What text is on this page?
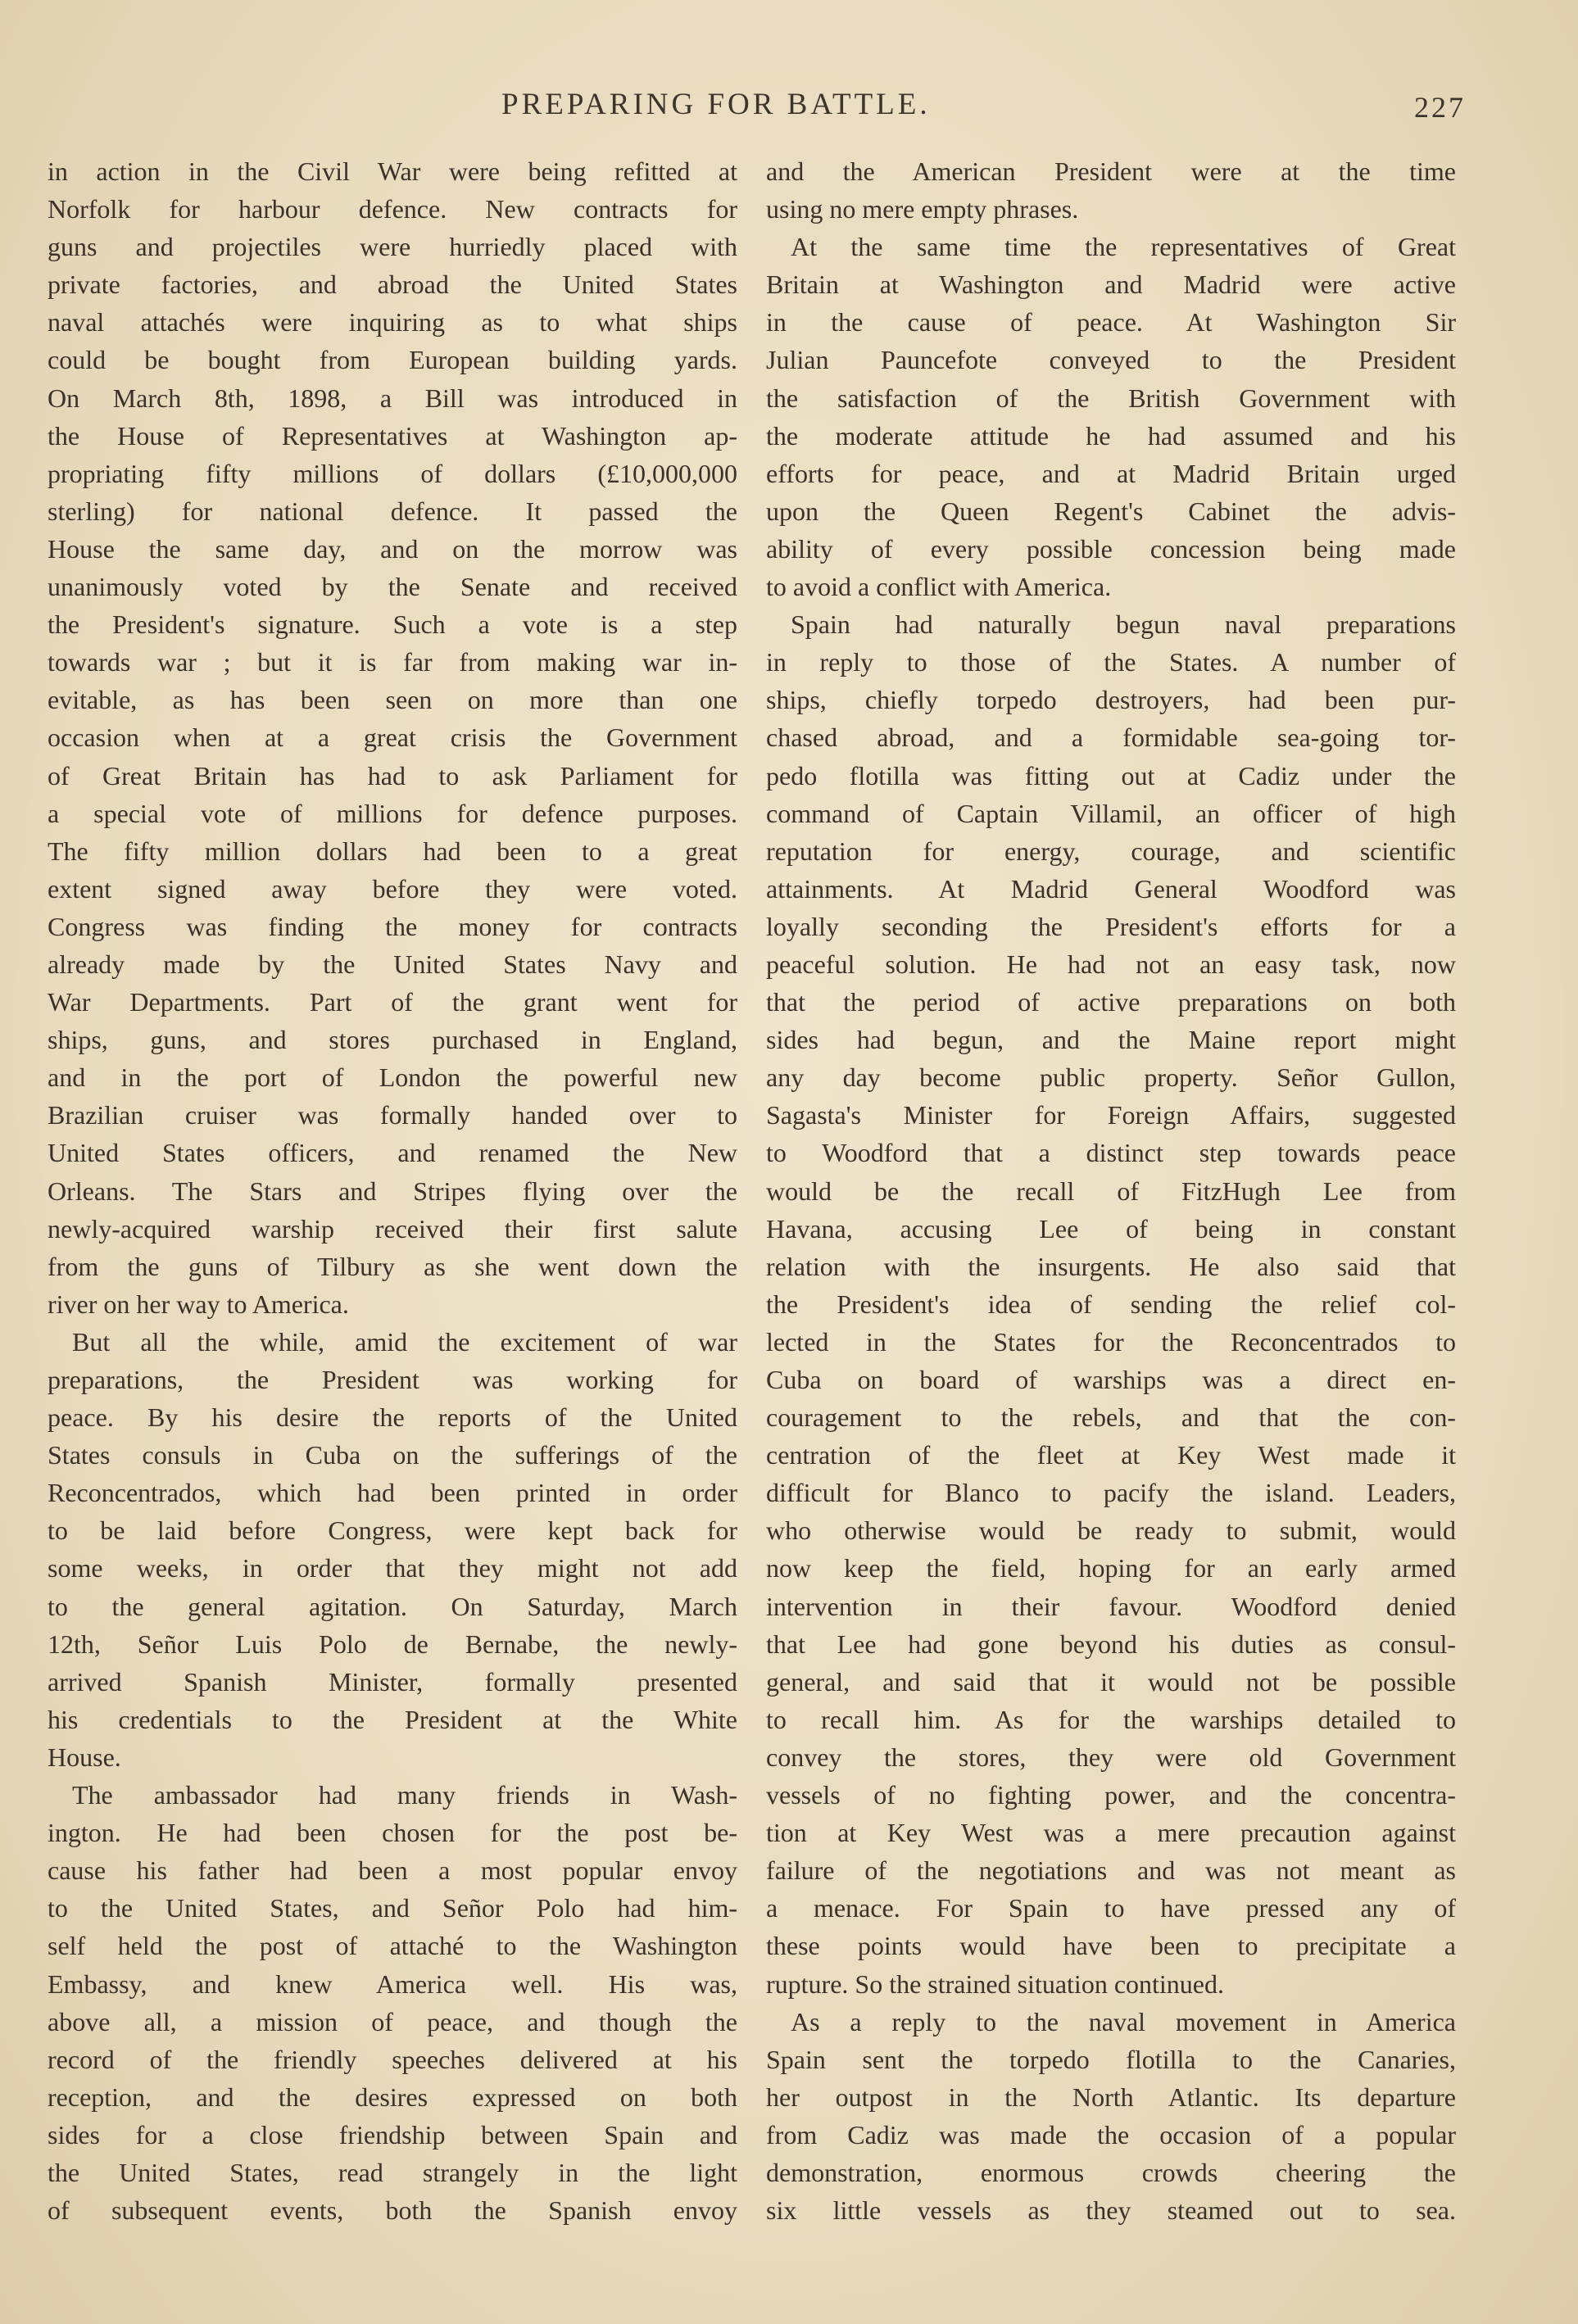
PREPARING FOR BATTLE.	227
in action in the Civil War were being refitted at
Norfolk for harbour defence. New contracts for
guns and projectiles were hurriedly placed with
private factories, and abroad the United States
naval attachés were inquiring as to what ships
could be bought from European building yards.
On March 8th, 1898, a Bill was introduced in
the House of Representatives at Washington ap-
propriating fifty millions of dollars (£10,000,000
sterling) for national defence. It passed the
House the same day, and on the morrow was
unanimously voted by the Senate and received
the President's signature. Such a vote is a step
towards war ; but it is far from making war in-
evitable, as has been seen on more than one
occasion when at a great crisis the Government
of Great Britain has had to ask Parliament for
a special vote of millions for defence purposes.
The fifty million dollars had been to a great
extent signed away before they were voted.
Congress was finding the money for contracts
already made by the United States Navy and
War Departments. Part of the grant went for
ships, guns, and stores purchased in England,
and in the port of London the powerful new
Brazilian cruiser was formally handed over to
United States officers, and renamed the New
Orleans. The Stars and Stripes flying over the
newly-acquired warship received their first salute
from the guns of Tilbury as she went down the
river on her way to America.
But all the while, amid the excitement of war
preparations, the President was working for
peace. By his desire the reports of the United
States consuls in Cuba on the sufferings of the
Reconcentrados, which had been printed in order
to be laid before Congress, were kept back for
some weeks, in order that they might not add
to the general agitation. On Saturday, March
12th, Señor Luis Polo de Bernabe, the newly-
arrived Spanish Minister, formally presented
his credentials to the President at the White
House.
The ambassador had many friends in Wash-
ington. He had been chosen for the post be-
cause his father had been a most popular envoy
to the United States, and Señor Polo had him-
self held the post of attaché to the Washington
Embassy, and knew America well. His was,
above all, a mission of peace, and though the
record of the friendly speeches delivered at his
reception, and the desires expressed on both
sides for a close friendship between Spain and
the United States, read strangely in the light
of subsequent events, both the Spanish envoy
and the American President were at the time
using no mere empty phrases.
At the same time the representatives of Great
Britain at Washington and Madrid were active
in the cause of peace. At Washington Sir
Julian Pauncefote conveyed to the President
the satisfaction of the British Government with
the moderate attitude he had assumed and his
efforts for peace, and at Madrid Britain urged
upon the Queen Regent's Cabinet the advis-
ability of every possible concession being made
to avoid a conflict with America.
Spain had naturally begun naval preparations
in reply to those of the States. A number of
ships, chiefly torpedo destroyers, had been pur-
chased abroad, and a formidable sea-going tor-
pedo flotilla was fitting out at Cadiz under the
command of Captain Villamil, an officer of high
reputation for energy, courage, and scientific
attainments. At Madrid General Woodford was
loyally seconding the President's efforts for a
peaceful solution. He had not an easy task, now
that the period of active preparations on both
sides had begun, and the Maine report might
any day become public property. Señor Gullon,
Sagasta's Minister for Foreign Affairs, suggested
to Woodford that a distinct step towards peace
would be the recall of FitzHugh Lee from
Havana, accusing Lee of being in constant
relation with the insurgents. He also said that
the President's idea of sending the relief col-
lected in the States for the Reconcentrados to
Cuba on board of warships was a direct en-
couragement to the rebels, and that the con-
centration of the fleet at Key West made it
difficult for Blanco to pacify the island. Leaders,
who otherwise would be ready to submit, would
now keep the field, hoping for an early armed
intervention in their favour. Woodford denied
that Lee had gone beyond his duties as consul-
general, and said that it would not be possible
to recall him. As for the warships detailed to
convey the stores, they were old Government
vessels of no fighting power, and the concentra-
tion at Key West was a mere precaution against
failure of the negotiations and was not meant as
a menace. For Spain to have pressed any of
these points would have been to precipitate a
rupture. So the strained situation continued.
As a reply to the naval movement in America
Spain sent the torpedo flotilla to the Canaries,
her outpost in the North Atlantic. Its departure
from Cadiz was made the occasion of a popular
demonstration, enormous crowds cheering the
six little vessels as they steamed out to sea.
